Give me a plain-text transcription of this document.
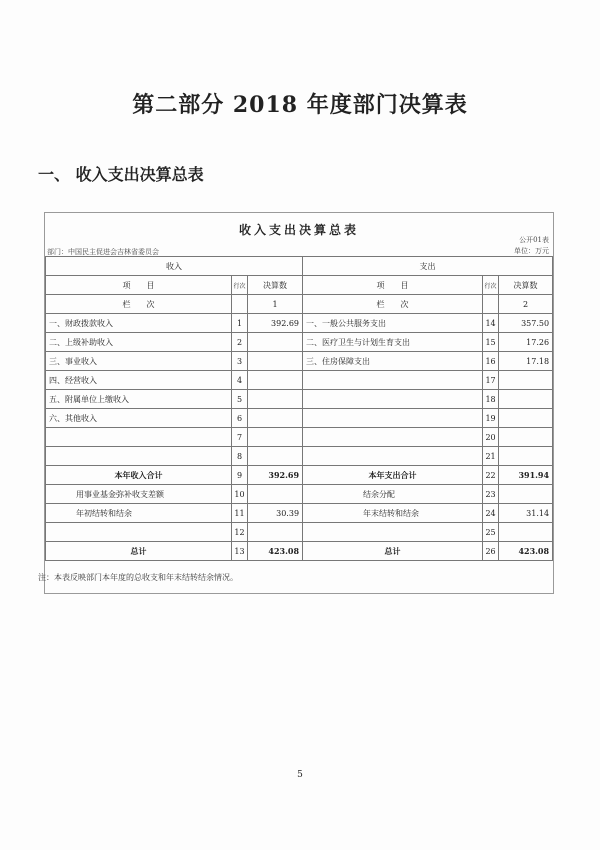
第二部分 2018 年度部门决算表
一、 收入支出决算总表
收入支出决算总表
公开01表
单位：万元
部门：中国民主促进会吉林省委员会
收入			支出		
项　　目	行次	决算数	项　　目	行次	决算数
栏　　次		1	栏　　次		2
一、财政拨款收入	1	392.69	一、一般公共服务支出	14	357.50
二、上级补助收入	2		二、医疗卫生与计划生育支出	15	17.26
三、事业收入	3		三、住房保障支出	16	17.18
四、经营收入	4			17	
五、附属单位上缴收入	5			18	
六、其他收入	6			19	
	7			20	
	8			21	
本年收入合计	9	392.69	本年支出合计	22	391.94
用事业基金弥补收支差额	10		结余分配	23	
年初结转和结余	11	30.39	年末结转和结余	24	31.14
	12			25	
总计	13	423.08	总计	26	423.08
注：本表反映部门本年度的总收支和年末结转结余情况。
5
